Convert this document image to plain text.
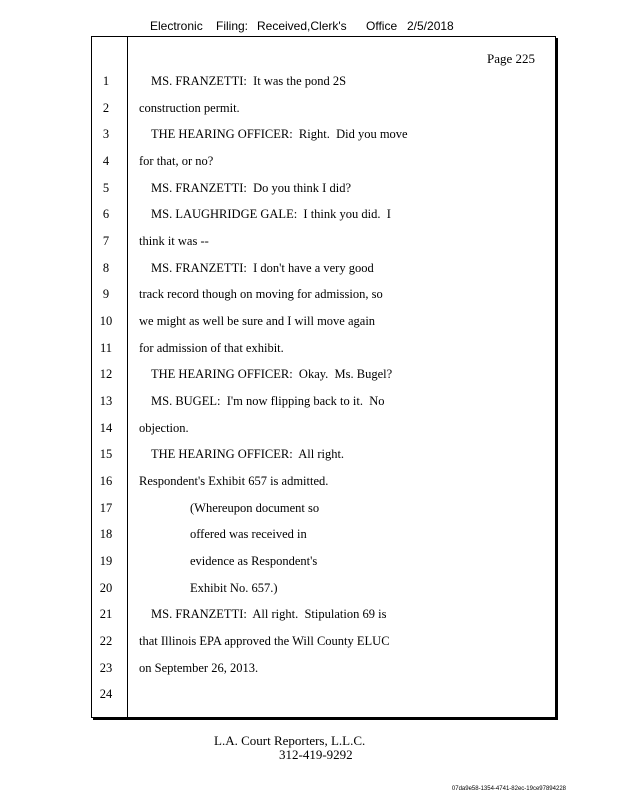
Electronic Filing: Received,Clerk's Office 2/5/2018
Page 225
1	MS. FRANZETTI:  It was the pond 2S
2	construction permit.
3	THE HEARING OFFICER:  Right.  Did you move
4	for that, or no?
5	MS. FRANZETTI:  Do you think I did?
6	MS. LAUGHRIDGE GALE:  I think you did.  I
7	think it was --
8	MS. FRANZETTI:  I don't have a very good
9	track record though on moving for admission, so
10	we might as well be sure and I will move again
11	for admission of that exhibit.
12	THE HEARING OFFICER:  Okay.  Ms. Bugel?
13	MS. BUGEL:  I'm now flipping back to it.  No
14	objection.
15	THE HEARING OFFICER:  All right.
16	Respondent's Exhibit 657 is admitted.
17	(Whereupon document so
18	offered was received in
19	evidence as Respondent's
20	Exhibit No. 657.)
21	MS. FRANZETTI:  All right.  Stipulation 69 is
22	that Illinois EPA approved the Will County ELUC
23	on September 26, 2013.
24
L.A. Court Reporters, L.L.C.
312-419-9292
07da9e58-1354-4741-82ec-19ce97894228
